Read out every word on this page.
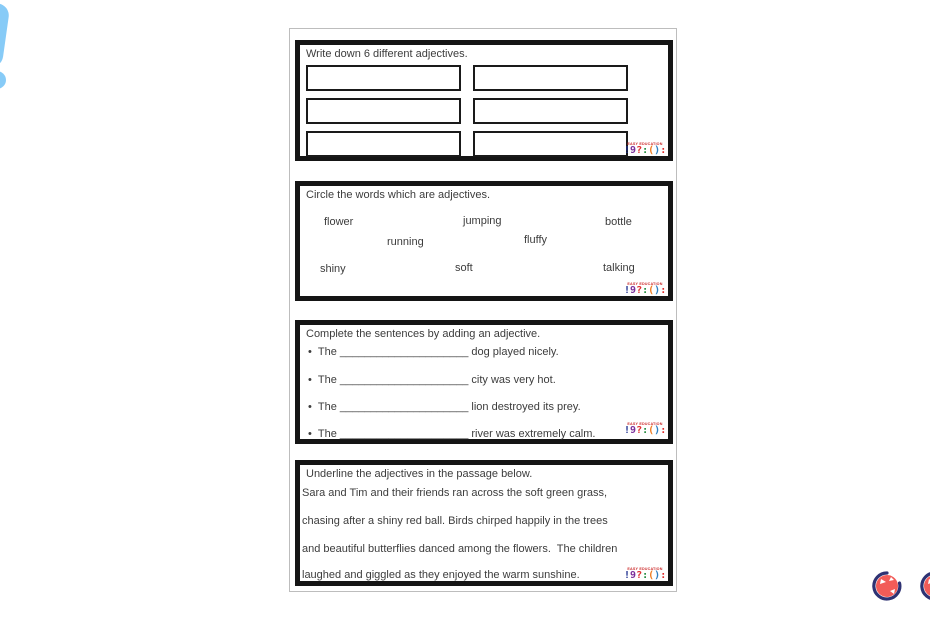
Write down 6 different adjectives.
EASY EDUCATION
!9?:():
Circle the words which are adjectives.
flower	jumping	bottle
running	fluffy
shiny	soft	talking
EASY EDUCATION
!9?:():
Complete the sentences by adding an adjective.
• The _____________________ dog played nicely.
• The _____________________ city was very hot.
• The _____________________ lion destroyed its prey.
• The _____________________ river was extremely calm.
EASY EDUCATION
!9?:():
Underline the adjectives in the passage below.
Sara and Tim and their friends ran across the soft green grass,
chasing after a shiny red ball. Birds chirped happily in the trees
and beautiful butterflies danced among the flowers.  The children
laughed and giggled as they enjoyed the warm sunshine.
EASY EDUCATION
!9?:():
